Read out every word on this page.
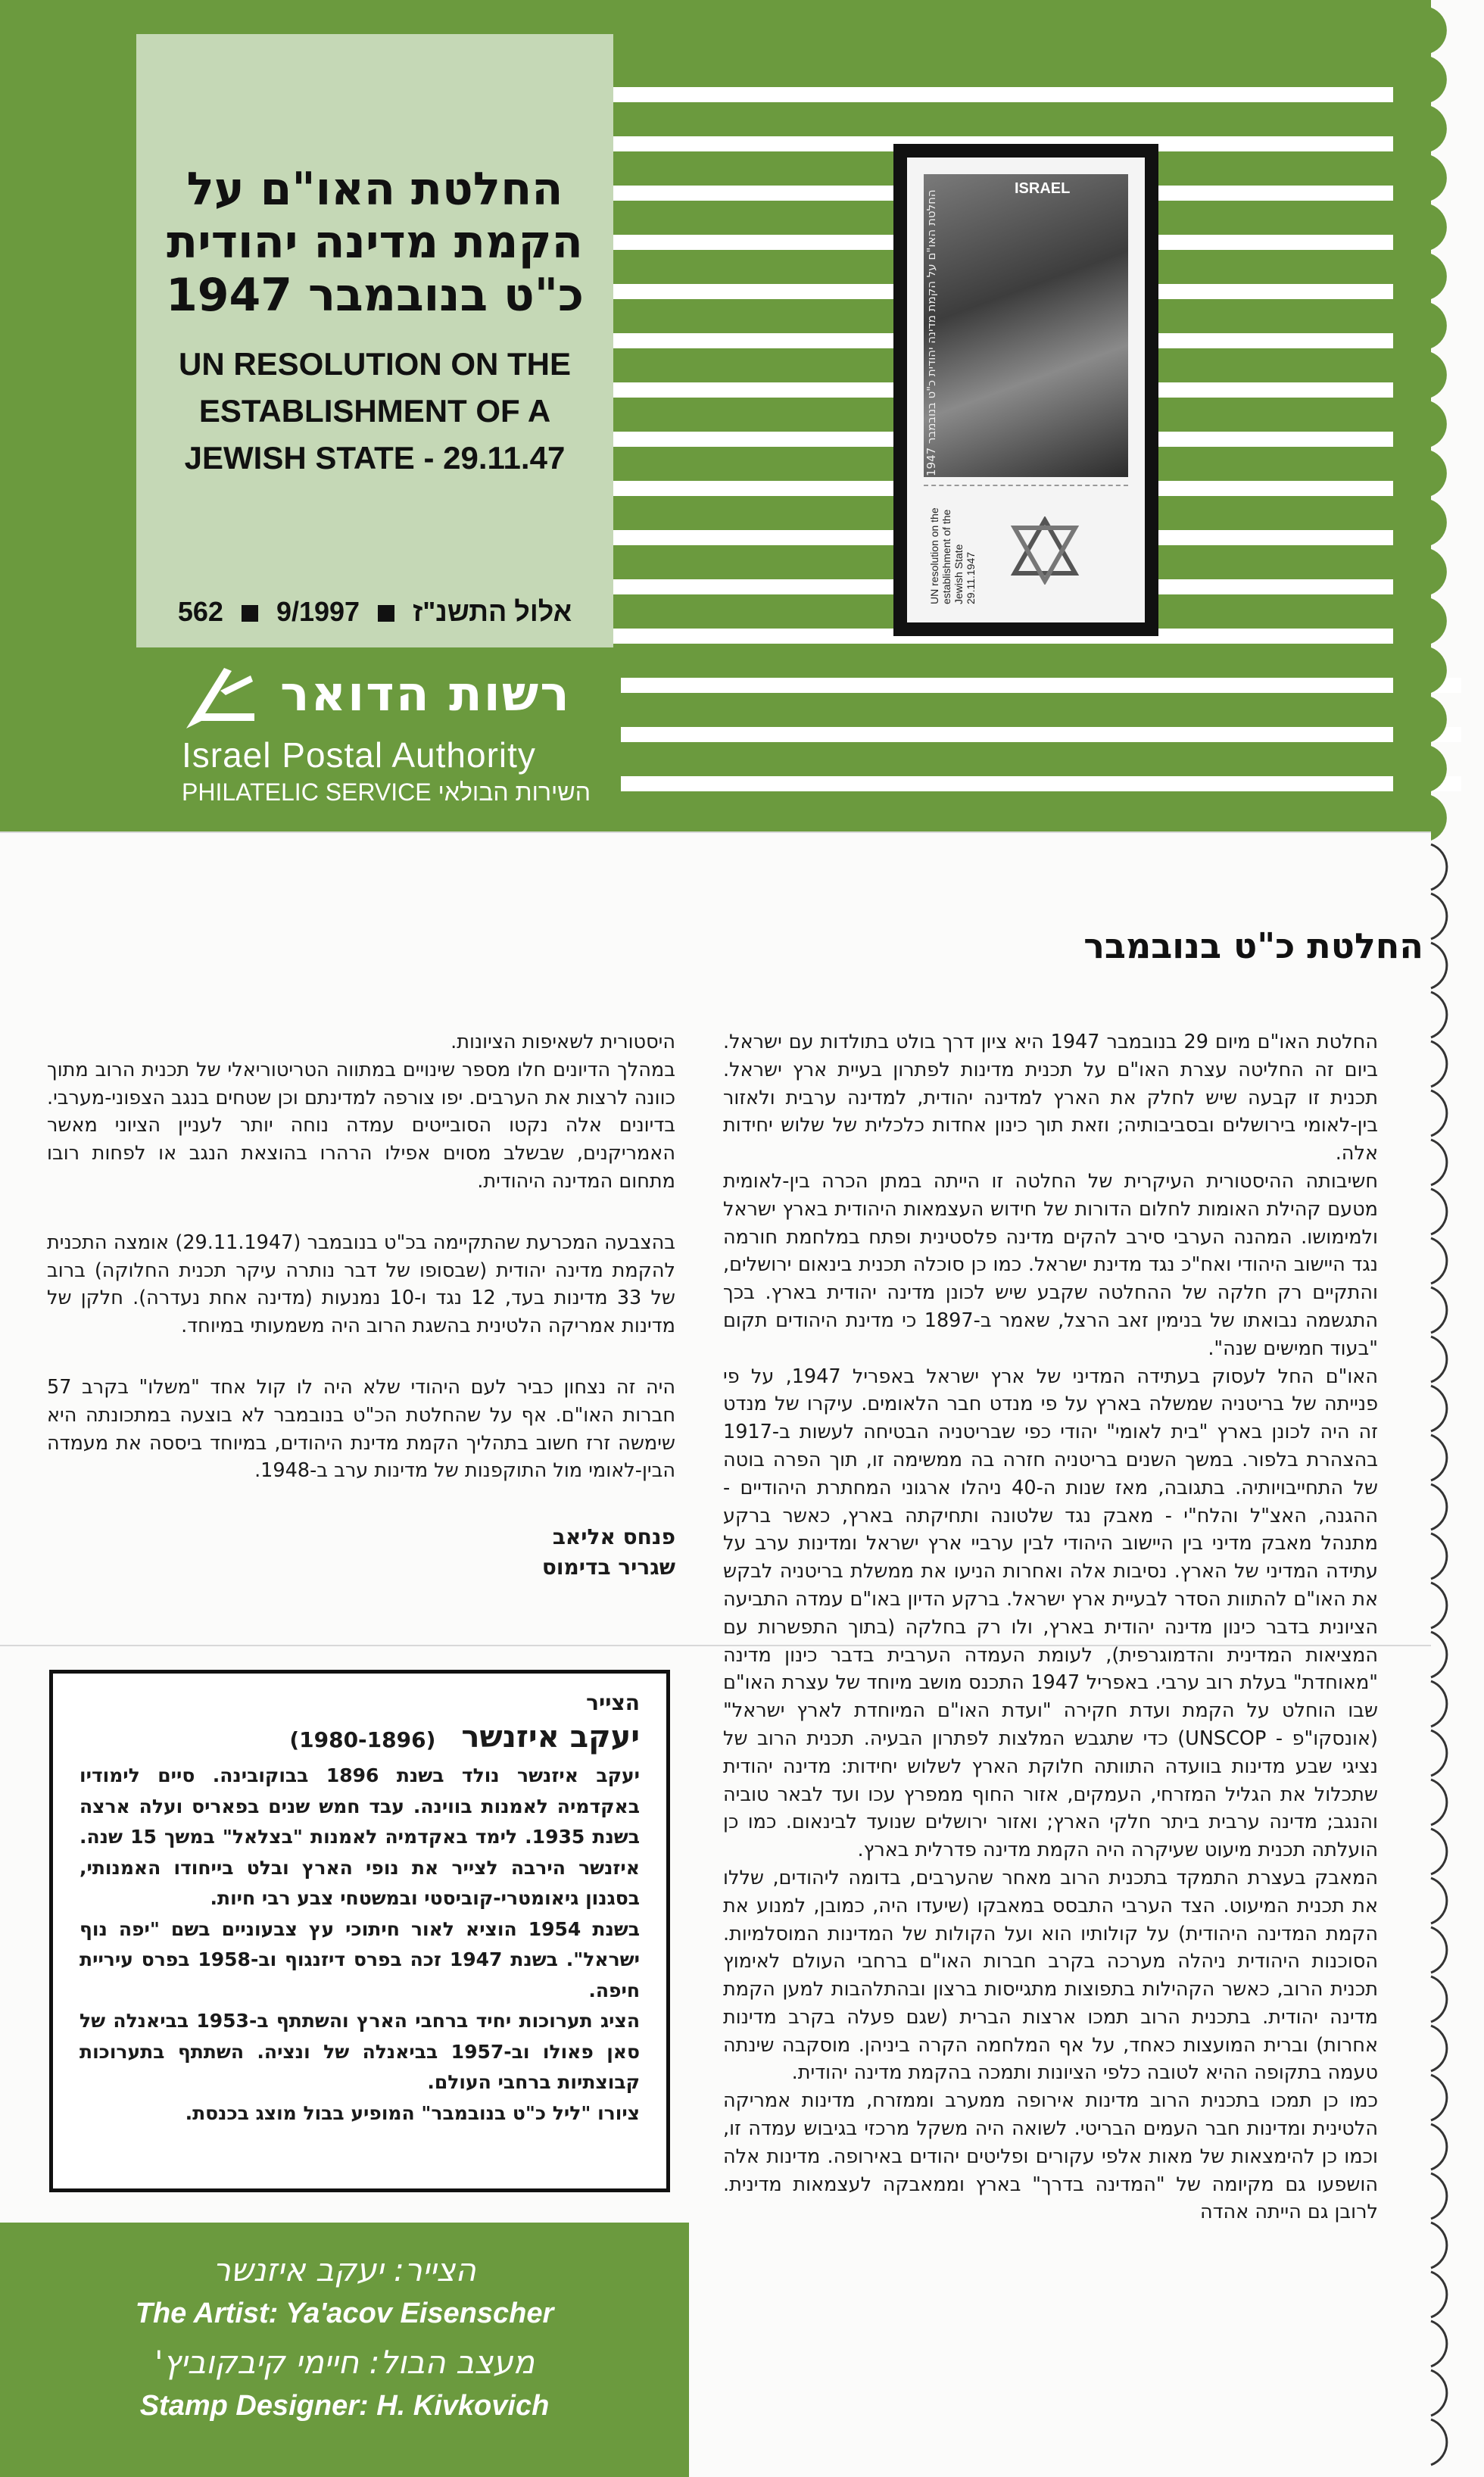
החלטת האו"ם על
הקמת מדינה יהודית
כ"ט בנובמבר 1947
UN RESOLUTION ON THE
ESTABLISHMENT OF A
JEWISH STATE - 29.11.47
אלול התשנ"ז  9/1997  562
רשות הדואר
Israel Postal Authority
PHILATELIC SERVICE השירות הבולאי
ISRAEL
החלטת האו"ם על הקמת מדינה יהודית כ"ט בנובמבר 1947
UN resolution on the establishment of the Jewish State 29.11.1947
החלטת כ"ט בנובמבר

החלטת האו"ם מיום 29 בנובמבר 1947 היא ציון דרך בולט בתולדות עם ישראל. ביום זה החליטה עצרת האו"ם על תכנית מדינות לפתרון בעיית ארץ ישראל. תכנית זו קבעה שיש לחלק את הארץ למדינה יהודית, למדינה ערבית ולאזור בין-לאומי בירושלים ובסביבותיה; וזאת תוך כינון אחדות כלכלית של שלוש יחידות אלה.

חשיבותה ההיסטורית העיקרית של החלטה זו הייתה במתן הכרה בין-לאומית מטעם קהילת האומות לחלום הדורות של חידוש העצמאות היהודית בארץ ישראל ולמימושו. המהנה הערבי סירב להקים מדינה פלסטינית ופתח במלחמת חורמה נגד היישוב היהודי ואח"כ נגד מדינת ישראל. כמו כן סוכלה תכנית בינאום ירושלים, והתקיים רק חלקה של ההחלטה שקבע שיש לכונן מדינה יהודית בארץ. בכך התגשמה נבואתו של בנימין זאב הרצל, שאמר ב-1897 כי מדינת היהודים תקום "בעוד חמישים שנה".

האו"ם החל לעסוק בעתידה המדיני של ארץ ישראל באפריל 1947, על פי פנייתה של בריטניה שמשלה בארץ על פי מנדט חבר הלאומים. עיקרו של מנדט זה היה לכונן בארץ "בית לאומי" יהודי כפי שבריטניה הבטיחה לעשות ב-1917 בהצהרת בלפור. במשך השנים בריטניה חזרה בה ממשימה זו, תוך הפרה בוטה של התחייבויותיה. בתגובה, מאז שנות ה-40 ניהלו ארגוני המחתרת היהודיים - ההגנה, האצ"ל והלח"י - מאבק נגד שלטונה ותחיקתה בארץ, כאשר ברקע מתנהל מאבק מדיני בין היישוב היהודי לבין ערביי ארץ ישראל ומדינות ערב על עתידה המדיני של הארץ. נסיבות אלה ואחרות הניעו את ממשלת בריטניה לבקש את האו"ם להתוות הסדר לבעיית ארץ ישראל. ברקע הדיון באו"ם עמדה התביעה הציונית בדבר כינון מדינה יהודית בארץ, ולו רק בחלקה (בתוך התפשרות עם המציאות המדינית והדמוגרפית), לעומת העמדה הערבית בדבר כינון מדינה "מאוחדת" בעלת רוב ערבי. באפריל 1947 התכנס מושב מיוחד של עצרת האו"ם שבו הוחלט על הקמת ועדת חקירה "ועדת האו"ם המיוחדת לארץ ישראל" (אונסקו"פ - UNSCOP) כדי שתגבש המלצות לפתרון הבעיה. תכנית הרוב של נציגי שבע מדינות בוועדה התוותה חלוקת הארץ לשלוש יחידות: מדינה יהודית שתכלול את הגליל המזרחי, העמקים, אזור החוף ממפרץ עכו ועד לבאר טוביה והנגב; מדינה ערבית ביתר חלקי הארץ; ואזור ירושלים שנועד לבינאום. כמו כן הועלתה תכנית מיעוט שעיקרה היה הקמת מדינה פדרלית בארץ.

המאבק בעצרת התמקד בתכנית הרוב מאחר שהערבים, בדומה ליהודים, שללו את תכנית המיעוט. הצד הערבי התבסס במאבקו (שיעדו היה, כמובן, למנוע את הקמת המדינה היהודית) על קולותיו הוא ועל הקולות של המדינות המוסלמיות. הסוכנות היהודית ניהלה מערכה בקרב חברות האו"ם ברחבי העולם לאימוץ תכנית הרוב, כאשר הקהילות בתפוצות מתגייסות ברצון ובהתלהבות למען הקמת מדינה יהודית. בתכנית הרוב תמכו ארצות הברית (שגם פעלה בקרב מדינות אחרות) וברית המועצות כאחד, על אף המלחמה הקרה ביניהן. מוסקבה שינתה טעמה בתקופה ההיא לטובה כלפי הציונות ותמכה בהקמת מדינה יהודית.

כמו כן תמכו בתכנית הרוב מדינות אירופה ממערב וממזרח, מדינות אמריקה הלטינית ומדינות חבר העמים הבריטי. לשואה היה משקל מרכזי בגיבוש עמדה זו, וכמו כן להימצאות של מאות אלפי עקורים ופליטים יהודים באירופה. מדינות אלה הושפעו גם מקיומה של "המדינה בדרך" בארץ וממאבקה לעצמאות מדינית. לרובן גם הייתה אהדה

היסטורית לשאיפות הציונות.

במהלך הדיונים חלו מספר שינויים במתווה הטריטוריאלי של תכנית הרוב מתוך כוונה לרצות את הערבים. יפו צורפה למדינתם וכן שטחים בנגב הצפוני-מערבי. בדיונים אלה נקטו הסובייטים עמדה נוחה יותר לעניין הציוני מאשר האמריקנים, שבשלב מסוים אפילו הרהרו בהוצאת הנגב או לפחות רובו מתחום המדינה היהודית.

בהצבעה המכרעת שהתקיימה בכ"ט בנובמבר (29.11.1947) אומצה התכנית להקמת מדינה יהודית (שבסופו של דבר נותרה עיקר תכנית החלוקה) ברוב של 33 מדינות בעד, 12 נגד ו-10 נמנעות (מדינה אחת נעדרה). חלקן של מדינות אמריקה הלטינית בהשגת הרוב היה משמעותי במיוחד.

היה זה נצחון כביר לעם היהודי שלא היה לו קול אחד "משלו" בקרב 57 חברות האו"ם. אף על שהחלטת הכ"ט בנובמבר לא בוצעה במתכונתה היא שימשה זרז חשוב בתהליך הקמת מדינת היהודים, במיוחד ביססה את מעמדה הבין-לאומי מול התוקפנות של מדינות ערב ב-1948.

פנחס אליאב
שגריר בדימוס
הצייר
יעקב איזנשר (1980-1896)
יעקב איזנשר נולד בשנת 1896 בבוקובינה. סיים לימודיו באקדמיה לאמנות בווינה. עבד חמש שנים בפאריס ועלה ארצה בשנת 1935. לימד באקדמיה לאמנות "בצלאל" במשך 15 שנה. איזנשר הירבה לצייר את נופי הארץ ובלט בייחודו האמנותי, בסגנון גיאומטרי-קוביסטי ובמשטחי צבע רבי חיות.
בשנת 1954 הוציא לאור חיתוכי עץ צבעוניים בשם "יפה נוף ישראל". בשנת 1947 זכה בפרס דיזנגוף וב-1958 בפרס עיריית חיפה.
הציג תערוכות יחיד ברחבי הארץ והשתתף ב-1953 בביאנלה של סאן פאולו וב-1957 בביאנלה של ונציה. השתתף בתערוכות קבוצתיות ברחבי העולם.
ציורו "ליל כ"ט בנובמבר" המופיע בבול מוצג בכנסת.
הצייר: יעקב איזנשר
The Artist: Ya'acov Eisenscher
מעצב הבול: חיימי קיבקוביץ'
Stamp Designer: H. Kivkovich
